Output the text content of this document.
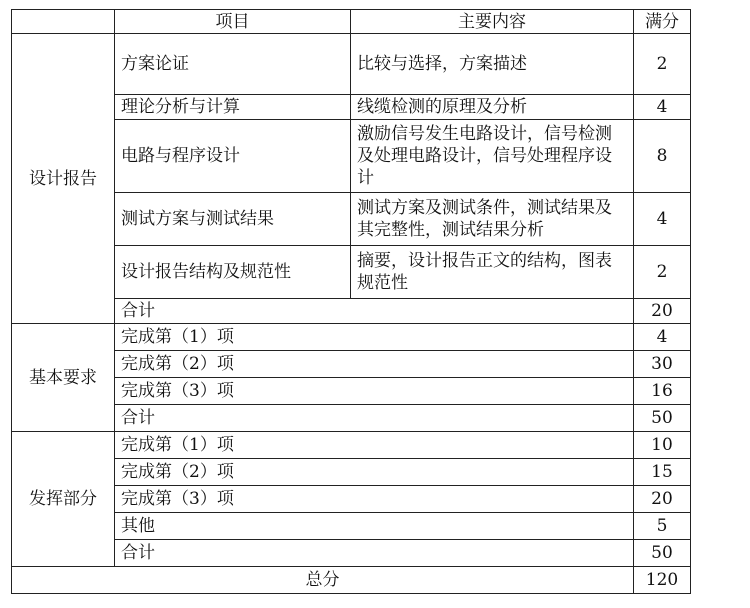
	项目	主要内容	满分
设计报告	方案论证	比较与选择，方案描述	2
	理论分析与计算	线缆检测的原理及分析	4
	电路与程序设计	激励信号发生电路设计，信号检测及处理电路设计，信号处理程序设计	8
	测试方案与测试结果	测试方案及测试条件，测试结果及其完整性，测试结果分析	4
	设计报告结构及规范性	摘要，设计报告正文的结构，图表规范性	2
	合计		20
基本要求	完成第（1）项		4
	完成第（2）项		30
	完成第（3）项		16
	合计		50
发挥部分	完成第（1）项		10
	完成第（2）项		15
	完成第（3）项		20
	其他		5
	合计		50
总分			120
